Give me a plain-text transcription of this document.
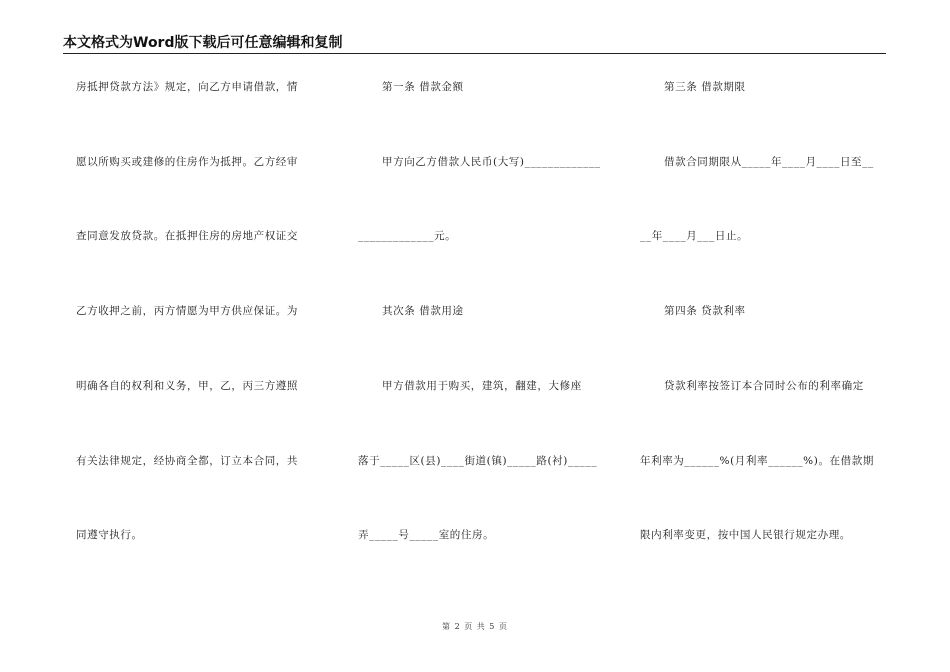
本文格式为Word版下载后可任意编辑和复制
房抵押贷款方法》规定，向乙方申请借款，情
愿以所购买或建修的住房作为抵押。乙方经审
查同意发放贷款。在抵押住房的房地产权证交
乙方收押之前，丙方情愿为甲方供应保证。为
明确各自的权利和义务，甲，乙，丙三方遵照
有关法律规定，经协商全都，订立本合同，共
同遵守执行。
第一条 借款金额
甲方向乙方借款人民币(大写)_____________
_____________元。
其次条 借款用途
甲方借款用于购买，建筑，翻建，大修座
落于_____区(县)____街道(镇)_____路(衬)_____
弄_____号_____室的住房。
第三条 借款期限
借款合同期限从_____年____月____日至__
__年____月___日止。
第四条 贷款利率
贷款利率按签订本合同时公布的利率确定
年利率为______%(月利率______%)。在借款期
限内利率变更，按中国人民银行规定办理。
第 2 页 共 5 页
